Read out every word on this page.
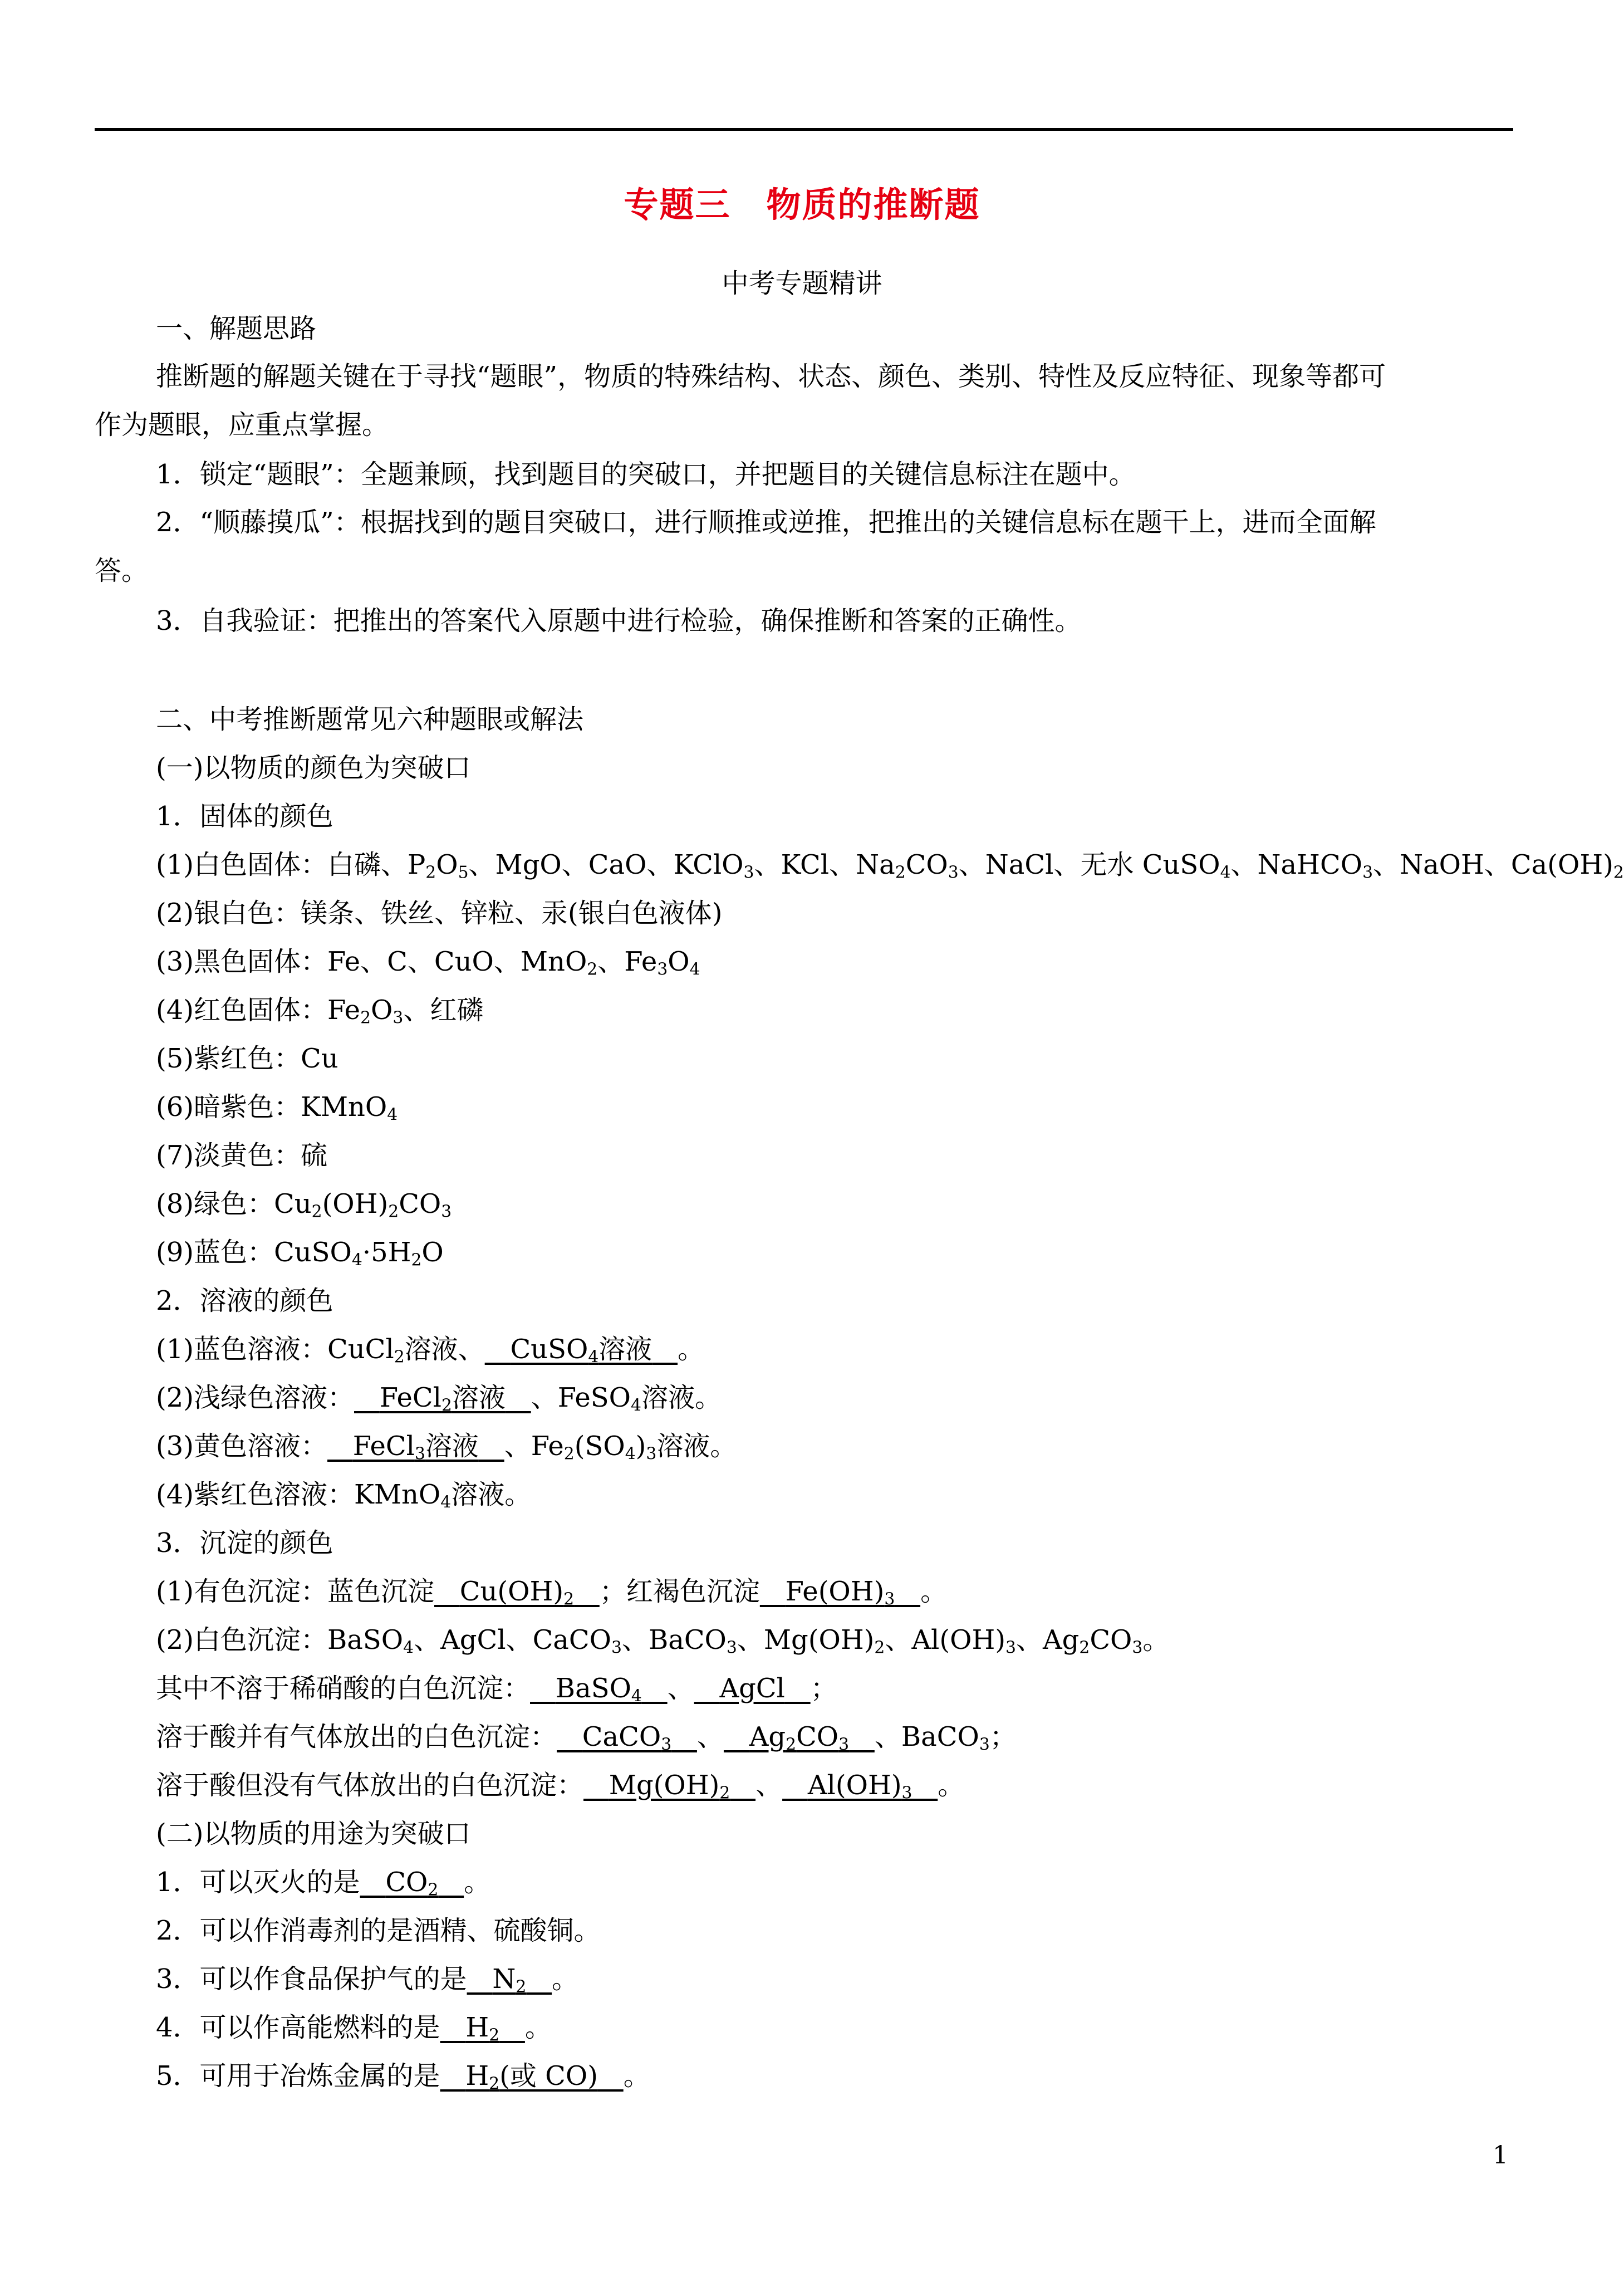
专题三　物质的推断题
中考专题精讲
一、解题思路
推断题的解题关键在于寻找“题眼”，物质的特殊结构、状态、颜色、类别、特性及反应特征、现象等都可
作为题眼，应重点掌握。
1．锁定“题眼”：全题兼顾，找到题目的突破口，并把题目的关键信息标注在题中。
2．“顺藤摸瓜”：根据找到的题目突破口，进行顺推或逆推，把推出的关键信息标在题干上，进而全面解
答。
3．自我验证：把推出的答案代入原题中进行检验，确保推断和答案的正确性。
二、中考推断题常见六种题眼或解法
(一)以物质的颜色为突破口
1．固体的颜色
(1)白色固体：白磷、$P_2O_5$、MgO、CaO、KClO$_3$、KCl、$Na_2CO_3$、NaCl、无水 CuSO$_4$、NaHCO$_3$、NaOH、$Ca(OH)_2$
(2)银白色：镁条、铁丝、锌粒、汞(银白色液体)
(3)黑色固体：Fe、C、CuO、MnO$_2$、$Fe_3O_4$
(4)红色固体：$Fe_2O_3$、红磷
(5)紫红色：Cu
(6)暗紫色：KMnO$_4$
(7)淡黄色：硫
(8)绿色：$Cu_2(OH)_2CO_3$
(9)蓝色：$CuSO_4\cdot 5H_2O$
2．溶液的颜色
(1)蓝色溶液：CuCl$_2$溶液、 CuSO$_4$溶液 。
(2)浅绿色溶液： FeCl$_2$溶液 、FeSO$_4$溶液。
(3)黄色溶液： FeCl$_3$溶液 、$Fe_2(SO_4)_3$溶液。
(4)紫红色溶液：KMnO$_4$溶液。
3．沉淀的颜色
(1)有色沉淀：蓝色沉淀 $Cu(OH)_2$ ；红褐色沉淀 $Fe(OH)_3$ 。
(2)白色沉淀：BaSO$_4$、AgCl、CaCO$_3$、BaCO$_3$、$Mg(OH)_2$、$Al(OH)_3$、$Ag_2CO_3$。
其中不溶于稀硝酸的白色沉淀： BaSO$_4$ 、 AgCl ；
溶于酸并有气体放出的白色沉淀： CaCO$_3$ 、 $Ag_2CO_3$ 、BaCO$_3$；
溶于酸但没有气体放出的白色沉淀： $Mg(OH)_2$ 、 $Al(OH)_3$ 。
(二)以物质的用途为突破口
1．可以灭火的是 $CO_2$ 。
2．可以作消毒剂的是酒精、硫酸铜。
3．可以作食品保护气的是 $N_2$ 。
4．可以作高能燃料的是 $H_2$ 。
5．可用于冶炼金属的是 $H_2$(或 CO) 。
1
